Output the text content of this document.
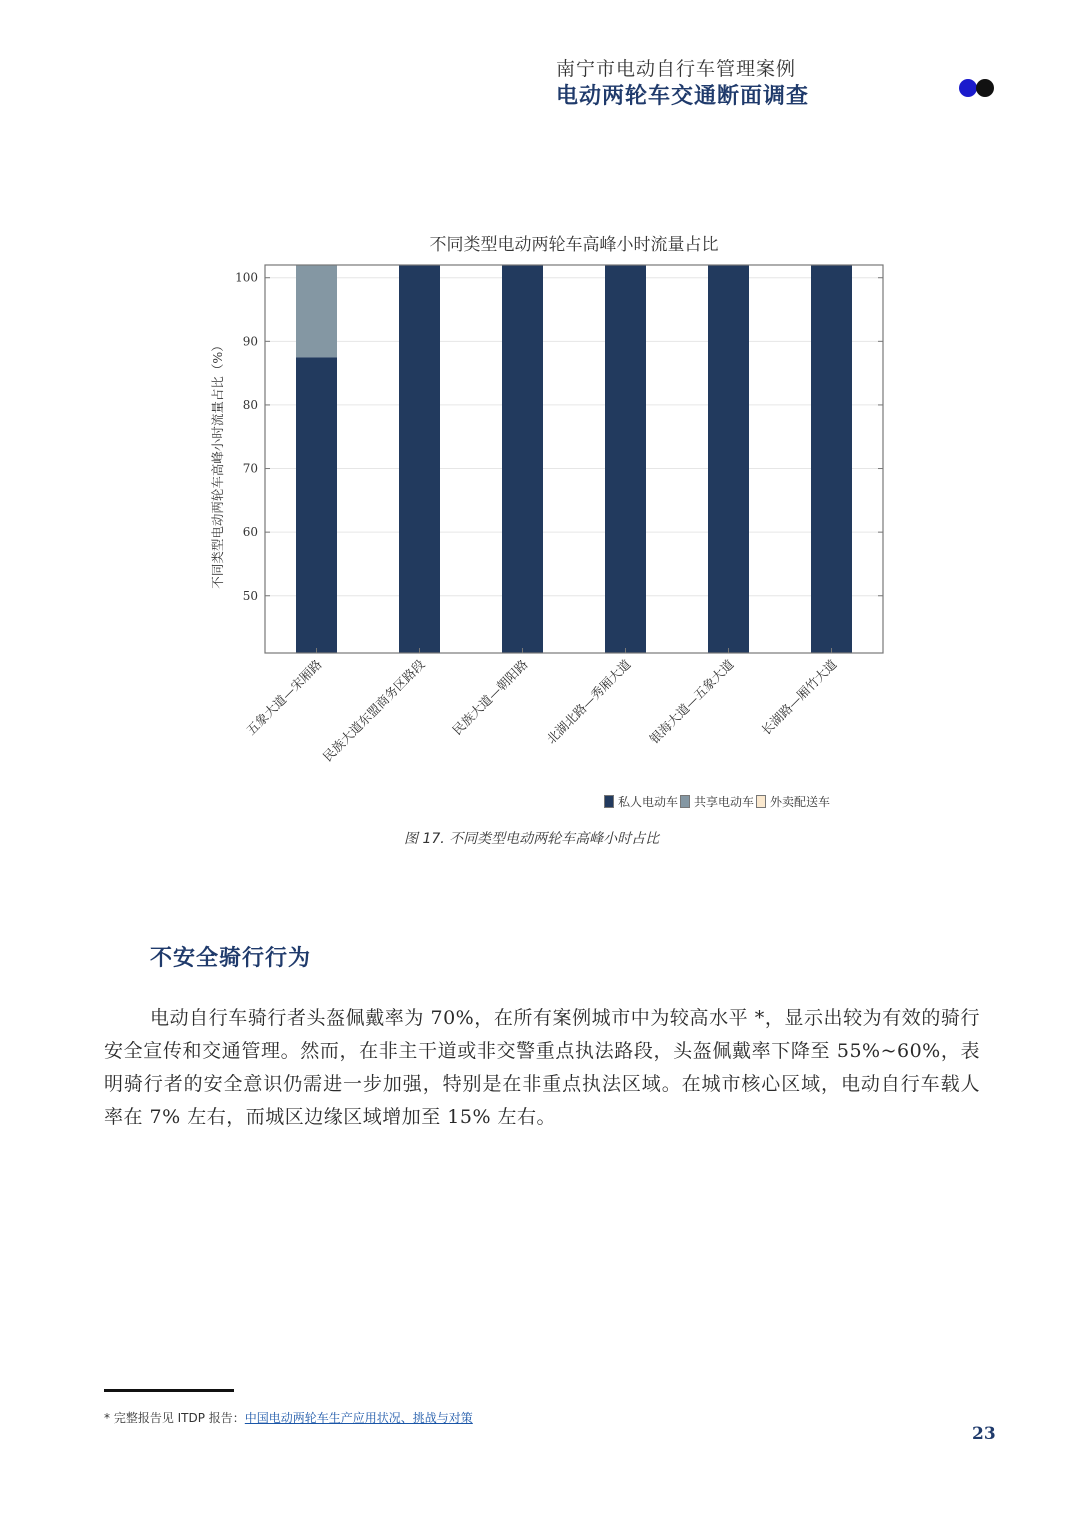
南宁市电动自行车管理案例
电动两轮车交通断面调查
不同类型电动两轮车高峰小时流量占比
50
60
70
80
90
100
五象大道—宋厢路
民族大道东盟商务区路段 民族大道—朝阳路 北湖北路—秀厢大道 银海大道—五象大道 长湖路—厢竹大道
不同类型电动两轮车高峰小时流量占比（%）
私人电动车 共享电动车 外卖配送车
图 17. 不同类型电动两轮车高峰小时占比
不安全骑行行为
电动自行车骑行者头盔佩戴率为 70%，在所有案例城市中为较高水平 *，显示出较为有效的骑行安全宣传和交通管理。然而，在非主干道或非交警重点执法路段，头盔佩戴率下降至 55%~60%，表明骑行者的安全意识仍需进一步加强，特别是在非重点执法区域。在城市核心区域，电动自行车载人率在 7% 左右，而城区边缘区域增加至 15% 左右。
* 完整报告见 ITDP 报告：中国电动两轮车生产应用状况、挑战与对策
23
